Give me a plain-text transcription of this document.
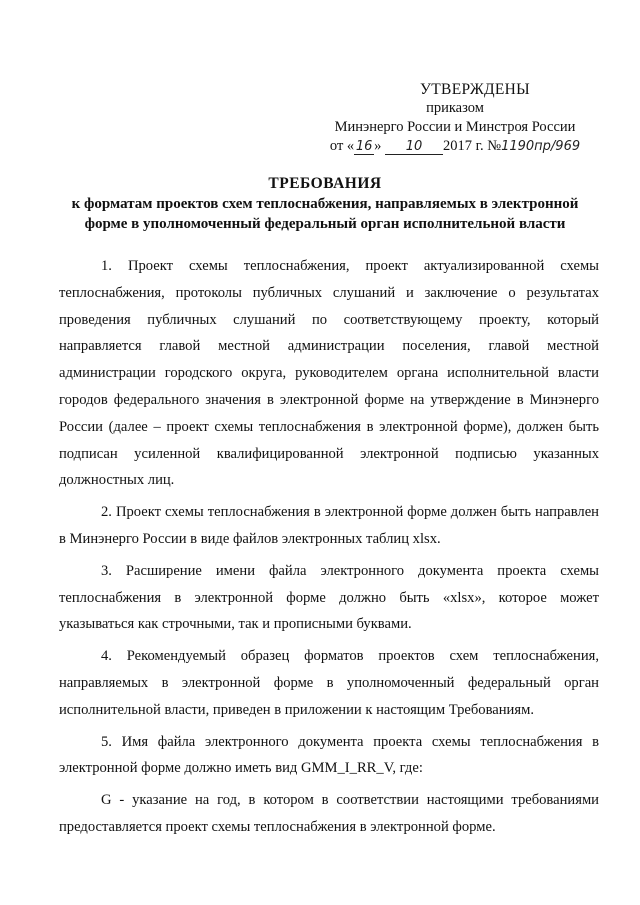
УТВЕРЖДЕНЫ
приказом
Минэнерго России и Минстроя России
от « 16 » 10 2017 г. №1190пр/969
ТРЕБОВАНИЯ
к форматам проектов схем теплоснабжения, направляемых в электронной
форме в уполномоченный федеральный орган исполнительной власти

1. Проект схемы теплоснабжения, проект актуализированной схемы теплоснабжения, протоколы публичных слушаний и заключение о результатах проведения публичных слушаний по соответствующему проекту, который направляется главой местной администрации поселения, главой местной администрации городского округа, руководителем органа исполнительной власти городов федерального значения в электронной форме на утверждение в Минэнерго России (далее – проект схемы теплоснабжения в электронной форме), должен быть подписан усиленной квалифицированной электронной подписью указанных должностных лиц.

2. Проект схемы теплоснабжения в электронной форме должен быть направлен в Минэнерго России в виде файлов электронных таблиц xlsx.

3. Расширение имени файла электронного документа проекта схемы теплоснабжения в электронной форме должно быть «xlsx», которое может указываться как строчными, так и прописными буквами.

4. Рекомендуемый образец форматов проектов схем теплоснабжения, направляемых в электронной форме в уполномоченный федеральный орган исполнительной власти, приведен в приложении к настоящим Требованиям.

5. Имя файла электронного документа проекта схемы теплоснабжения в электронной форме должно иметь вид GMM_I_RR_V, где:

G - указание на год, в котором в соответствии настоящими требованиями предоставляется проект схемы теплоснабжения в электронной форме.
